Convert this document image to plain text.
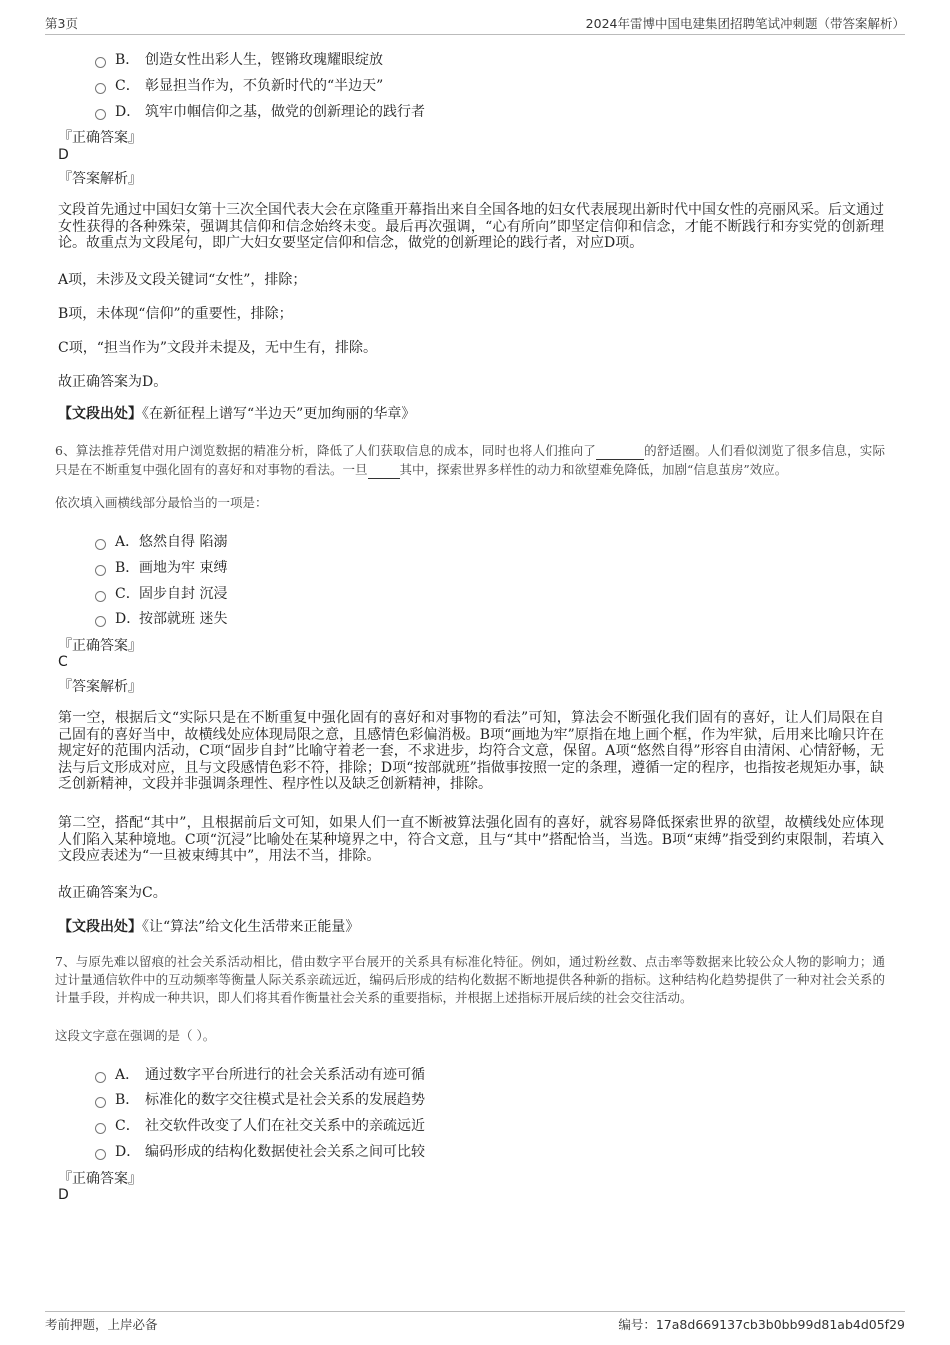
第3页	2024年雷博中国电建集团招聘笔试冲刺题（带答案解析）
B． 创造女性出彩人生，铿锵玫瑰耀眼绽放
C． 彰显担当作为，不负新时代的“半边天”
D． 筑牢巾帼信仰之基，做党的创新理论的践行者
『正确答案』
D
『答案解析』
文段首先通过中国妇女第十三次全国代表大会在京隆重开幕指出来自全国各地的妇女代表展现出新时代中国女性的亮丽风采。后文通过女性获得的各种殊荣，强调其信仰和信念始终未变。最后再次强调，“心有所向”即坚定信仰和信念，才能不断践行和夯实党的创新理论。故重点为文段尾句，即广大妇女要坚定信仰和信念，做党的创新理论的践行者，对应D项。
A项，未涉及文段关键词“女性”，排除；
B项，未体现“信仰”的重要性，排除；
C项，“担当作为”文段并未提及，无中生有，排除。
故正确答案为D。
【文段出处】《在新征程上谱写“半边天”更加绚丽的华章》
6、算法推荐凭借对用户浏览数据的精准分析，降低了人们获取信息的成本，同时也将人们推向了	的舒适圈。人们看似浏览了很多信息，实际只是在不断重复中强化固有的喜好和对事物的看法。一旦	其中，探索世界多样性的动力和欲望难免降低，加剧“信息茧房”效应。
依次填入画横线部分最恰当的一项是：
A． 悠然自得 陷溺
B． 画地为牢 束缚
C． 固步自封 沉浸
D．
按部就班 迷失
『正确答案』
C
『答案解析』
第一空，根据后文“实际只是在不断重复中强化固有的喜好和对事物的看法”可知，算法会不断强化我们固有的喜好，让人们局限在自己固有的喜好当中，故横线处应体现局限之意，且感情色彩偏消极。B项“画地为牢”原指在地上画个框，作为牢狱，后用来比喻只许在规定好的范围内活动，C项“固步自封”比喻守着老一套，不求进步，均符合文意，保留。A项“悠然自得”形容自由清闲、心情舒畅，无法与后文形成对应，且与文段感情色彩不符，排除；D项“按部就班”指做事按照一定的条理，遵循一定的程序，也指按老规矩办事，缺乏创新精神，文段并非强调条理性、程序性以及缺乏创新精神，排除。
第二空，搭配“其中”，且根据前后文可知，如果人们一直不断被算法强化固有的喜好，就容易降低探索世界的欲望，故横线处应体现人们陷入某种境地。C项“沉浸”比喻处在某种境界之中，符合文意，且与“其中”搭配恰当，当选。B项“束缚”指受到约束限制，若填入文段应表述为“一旦被束缚其中”，用法不当，排除。
故正确答案为C。
【文段出处】《让“算法”给文化生活带来正能量》
7、与原先难以留痕的社会关系活动相比，借由数字平台展开的关系具有标准化特征。例如，通过粉丝数、点击率等数据来比较公众人物的影响力；通过计量通信软件中的互动频率等衡量人际关系亲疏远近，编码后形成的结构化数据不断地提供各种新的指标。这种结构化趋势提供了一种对社会关系的计量手段，并构成一种共识，即人们将其看作衡量社会关系的重要指标，并根据上述指标开展后续的社会交往活动。
这段文字意在强调的是（ ）。
A． 通过数字平台所进行的社会关系活动有迹可循
B． 标准化的数字交往模式是社会关系的发展趋势
C． 社交软件改变了人们在社交关系中的亲疏远近
D． 编码形成的结构化数据使社会关系之间可比较
『正确答案』
D
考前押题，上岸必备	编号：17a8d669137cb3b0bb99d81ab4d05f29
